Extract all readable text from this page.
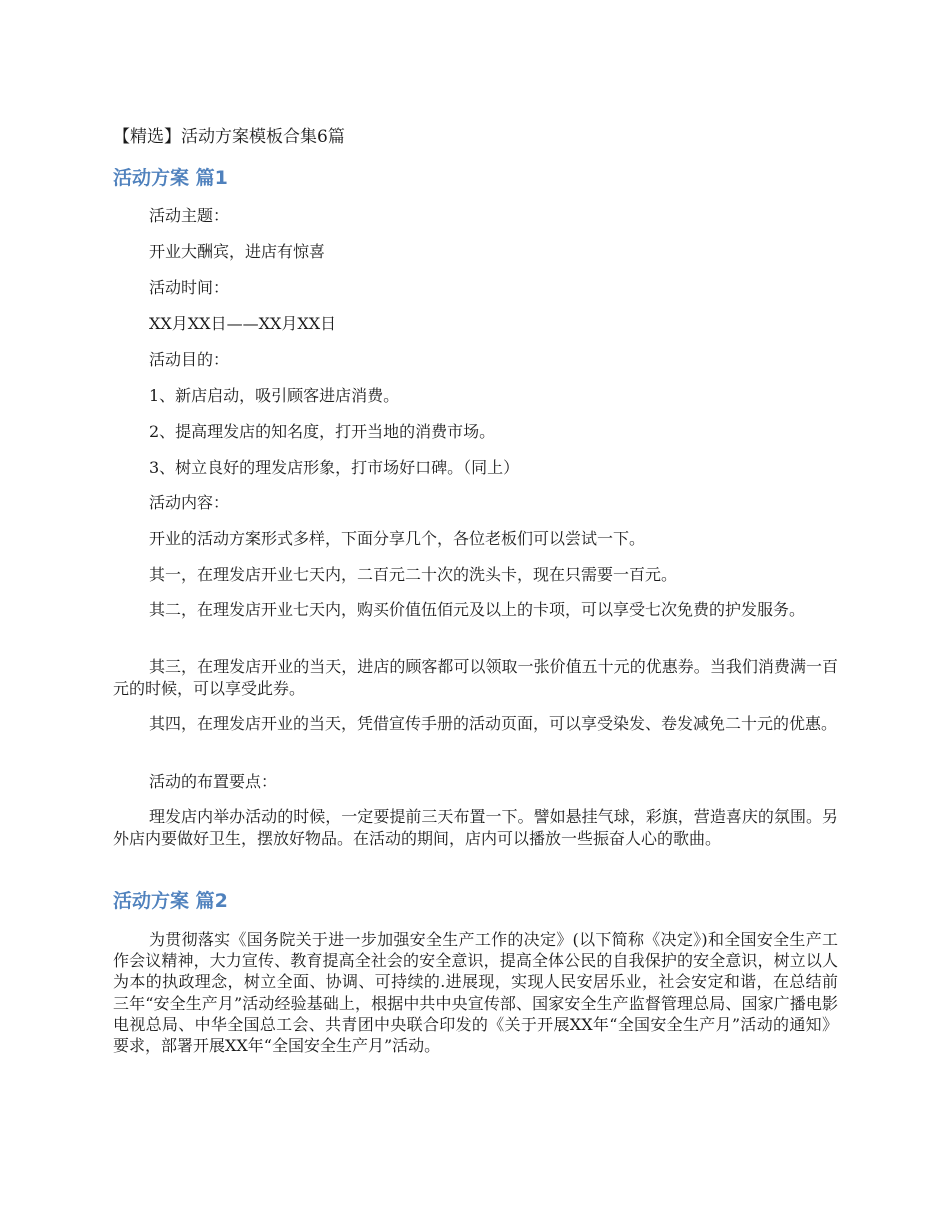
【精选】活动方案模板合集6篇
活动方案 篇1
活动主题：
开业大酬宾，进店有惊喜
活动时间：
XX月XX日——XX月XX日
活动目的：
1、新店启动，吸引顾客进店消费。
2、提高理发店的知名度，打开当地的消费市场。
3、树立良好的理发店形象，打市场好口碑。（同上）
活动内容：
开业的活动方案形式多样，下面分享几个，各位老板们可以尝试一下。
其一，在理发店开业七天内，二百元二十次的洗头卡，现在只需要一百元。
其二，在理发店开业七天内，购买价值伍佰元及以上的卡项，可以享受七次免费的护发服务。
其三，在理发店开业的当天，进店的顾客都可以领取一张价值五十元的优惠券。当我们消费满一百元的时候，可以享受此券。
其四，在理发店开业的当天，凭借宣传手册的活动页面，可以享受染发、卷发减免二十元的优惠。
活动的布置要点：
理发店内举办活动的时候，一定要提前三天布置一下。譬如悬挂气球，彩旗，营造喜庆的氛围。另外店内要做好卫生，摆放好物品。在活动的期间，店内可以播放一些振奋人心的歌曲。
活动方案 篇2
为贯彻落实《国务院关于进一步加强安全生产工作的决定》(以下简称《决定》)和全国安全生产工作会议精神，大力宣传、教育提高全社会的安全意识，提高全体公民的自我保护的安全意识，树立以人为本的执政理念，树立全面、协调、可持续的.进展现，实现人民安居乐业，社会安定和谐，在总结前三年“安全生产月”活动经验基础上，根据中共中央宣传部、国家安全生产监督管理总局、国家广播电影电视总局、中华全国总工会、共青团中央联合印发的《关于开展XX年“全国安全生产月”活动的通知》要求，部署开展XX年“全国安全生产月”活动。
